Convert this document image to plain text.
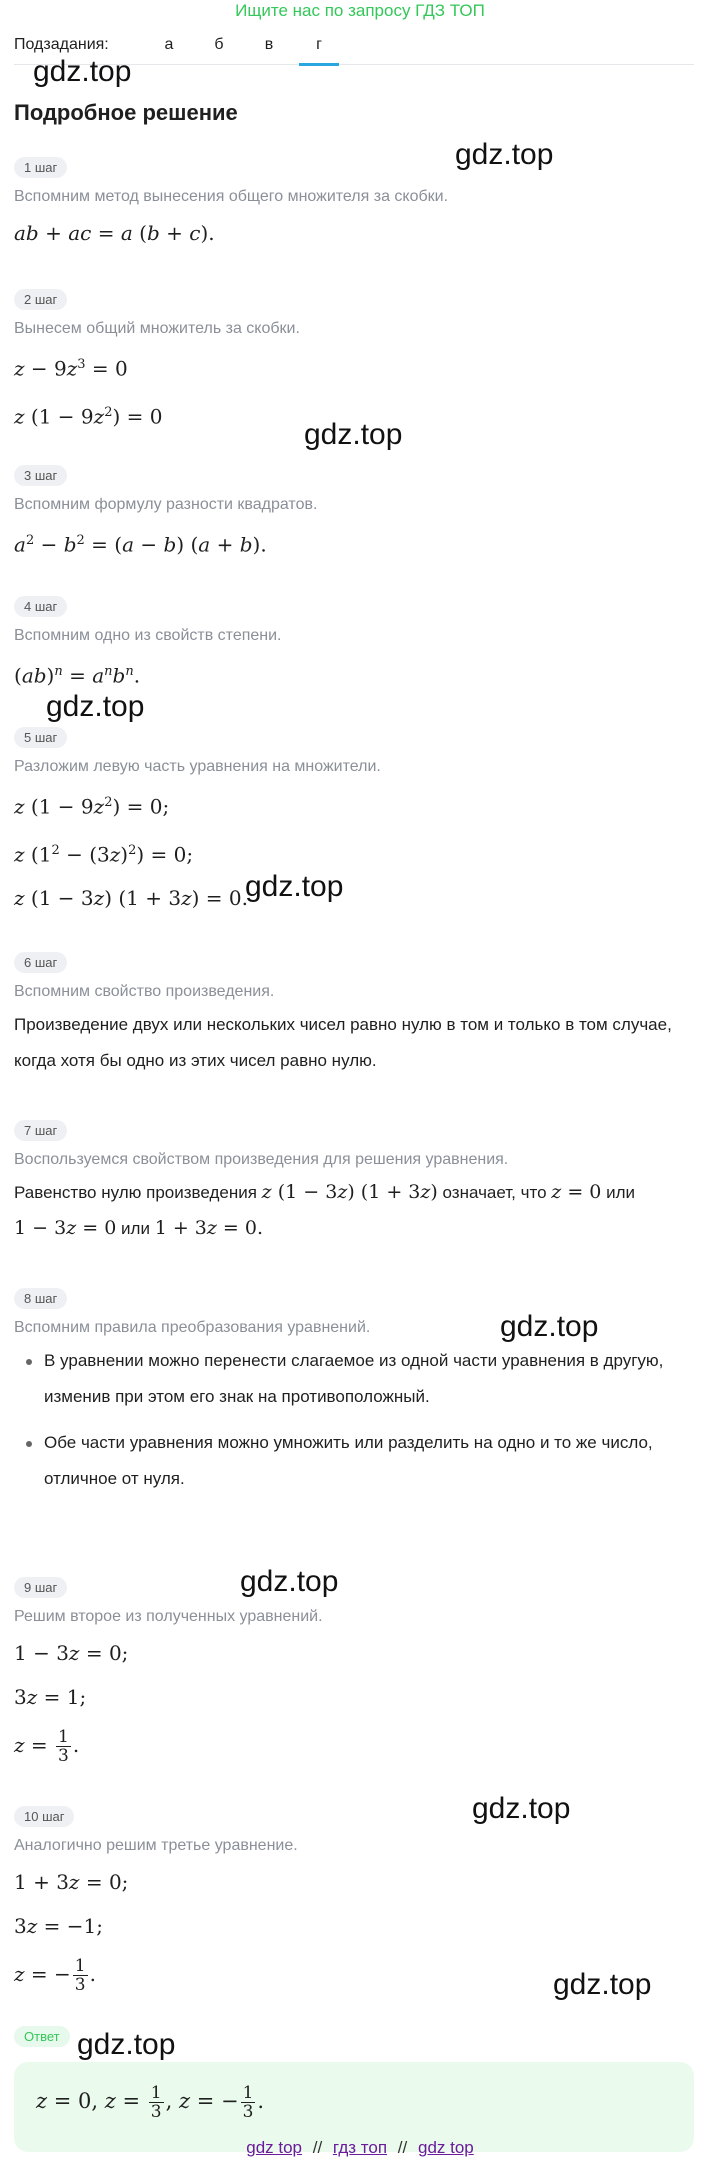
Ищите нас по запросу ГДЗ ТОП
Подзадания:	а	б	в	г
Подробное решение
gdz.top
gdz.top
gdz.top
gdz.top
gdz.top
gdz.top
gdz.top
gdz.top
gdz.top
gdz.top
1 шаг
Вспомним метод вынесения общего множителя за скобки.
ab + ac = a (b + c).
2 шаг
Вынесем общий множитель за скобки.
$z - 9z^3 = 0$
z $(1 - 9z^2) = 0$
3 шаг
Вспомним формулу разности квадратов.
$a^2 - b^2 = (a - b) (a + b)$.
4 шаг
Вспомним одно из свойств степени.
$(ab)^n = a^nb^n$.
5 шаг
Разложим левую часть уравнения на множители.
z $(1 - 9z^2) = 0$;
z $(1^2 - (3z)^2) = 0$;
z (1 − 3z) (1 + 3z) = 0.
6 шаг
Вспомним свойство произведения.
Произведение двух или нескольких чисел равно нулю в том и только в том случае, когда хотя бы одно из этих чисел равно нулю.
7 шаг
Воспользуемся свойством произведения для решения уравнения.
Равенство нулю произведения z (1 − 3z) (1 + 3z) означает, что z = 0 или
1 − 3z = 0 или 1 + 3z = 0.
8 шаг
Вспомним правила преобразования уравнений.
В уравнении можно перенести слагаемое из одной части уравнения в другую, изменив при этом его знак на противоположный.
Обе части уравнения можно умножить или разделить на одно и то же число, отличное от нуля.
9 шаг
Решим второе из полученных уравнений.
1 − 3z = 0;
3z = 1;
$z = \frac{1}{3}$ .
10 шаг
Аналогично решим третье уравнение.
1 + 3z = 0;
3z = −1;
z = − $\frac{1}{3}$ .
Ответ
z = 0, $z = \frac{1}{3}$ , z = − $\frac{1}{3}$ .
gdz top // гдз топ // gdz top
